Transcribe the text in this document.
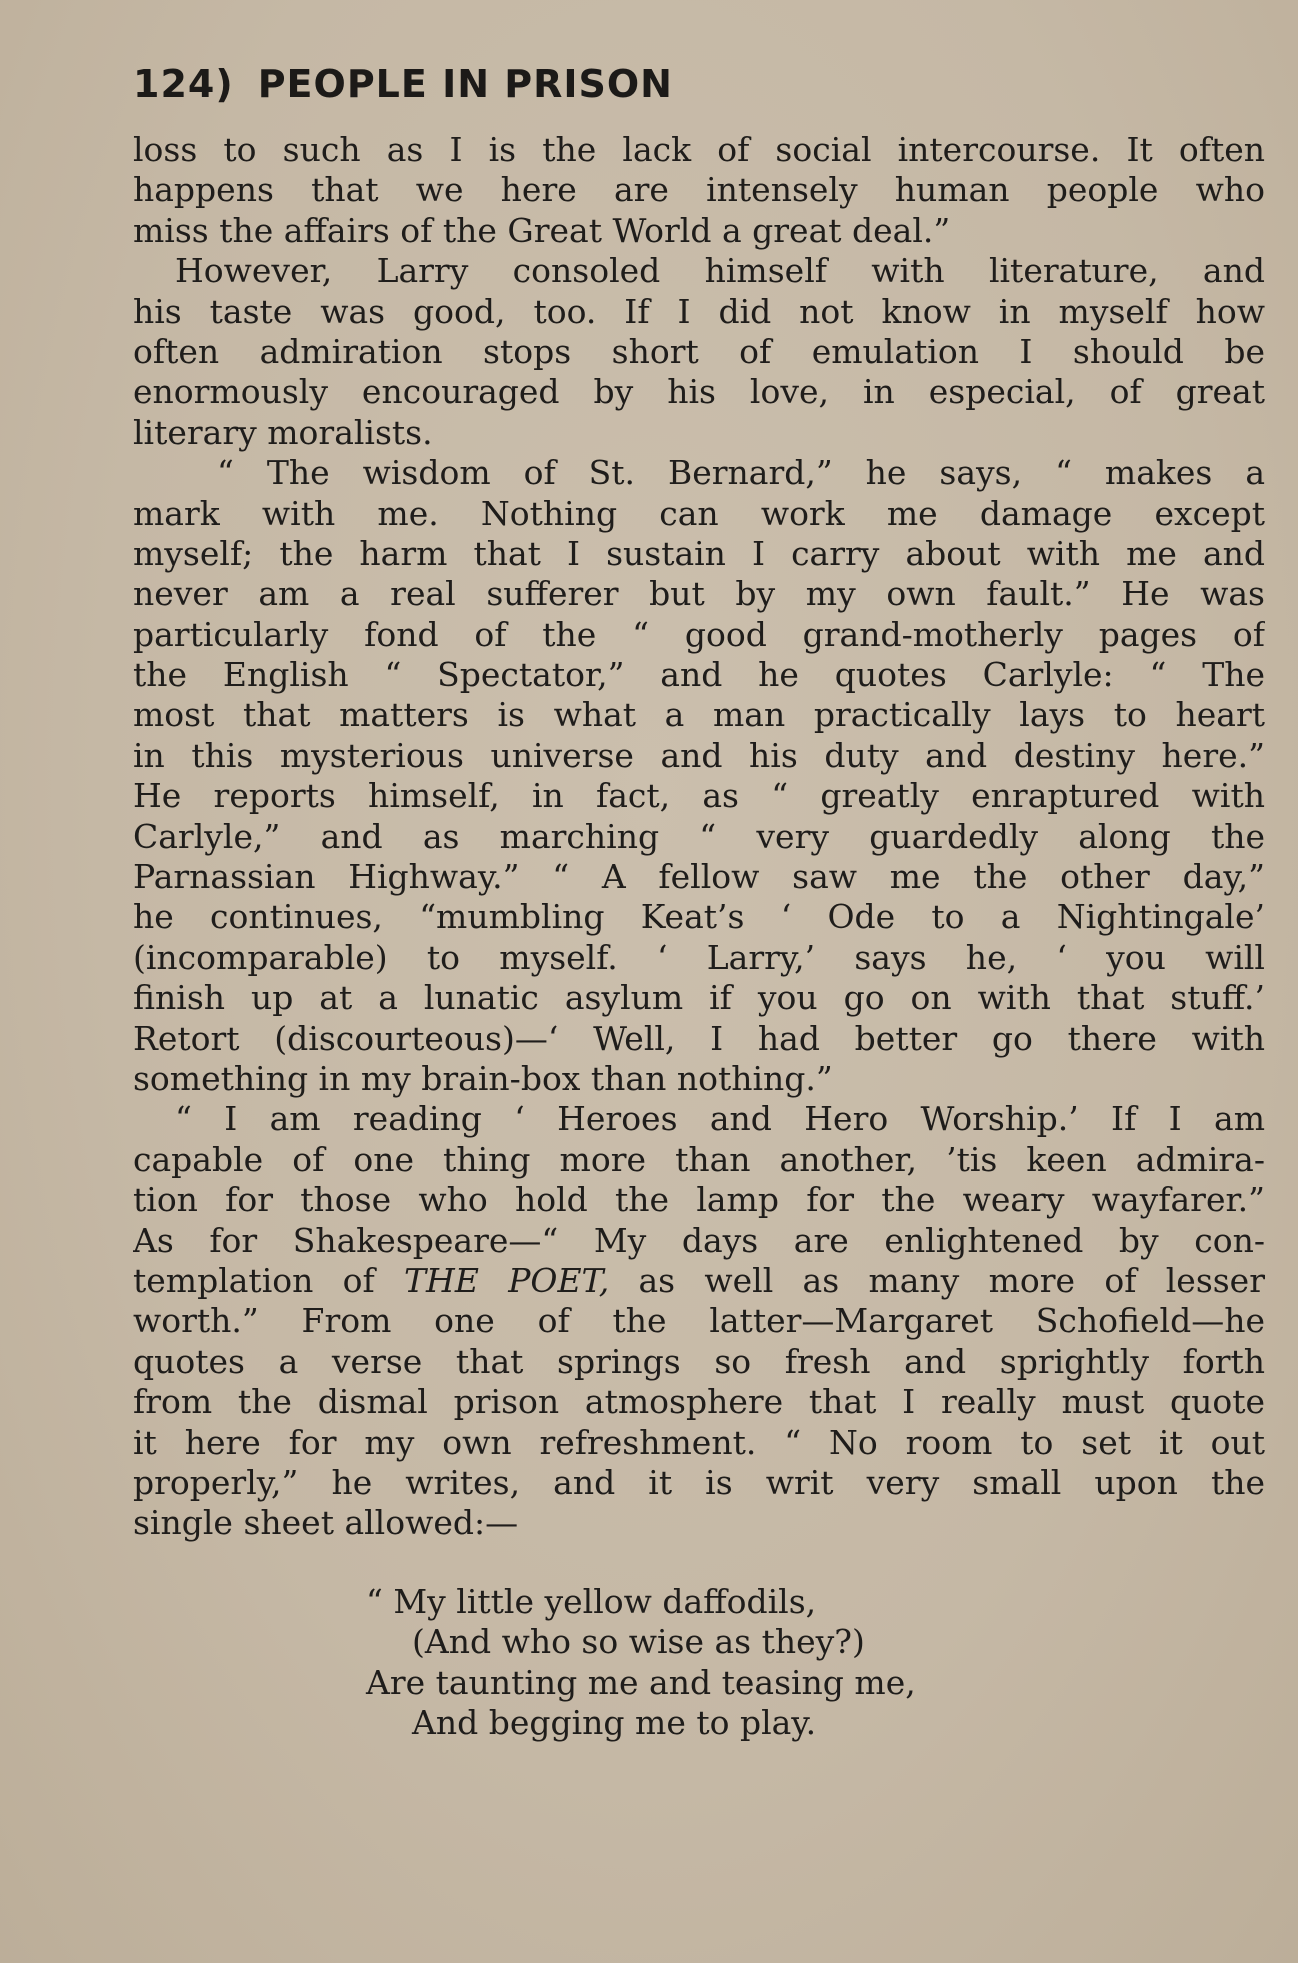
124) PEOPLE IN PRISON
loss to such as I is the lack of social intercourse. It often
happens that we here are intensely human people who
miss the affairs of the Great World a great deal.”
However, Larry consoled himself with literature, and
his taste was good, too. If I did not know in myself how
often admiration stops short of emulation I should be
enormously encouraged by his love, in especial, of great
literary moralists.
“ The wisdom of St. Bernard,” he says, “ makes a
mark with me. Nothing can work me damage except
myself; the harm that I sustain I carry about with me and
never am a real sufferer but by my own fault.” He was
particularly fond of the “ good grand-motherly pages of
the English “ Spectator,” and he quotes Carlyle: “ The
most that matters is what a man practically lays to heart
in this mysterious universe and his duty and destiny here.”
He reports himself, in fact, as “ greatly enraptured with
Carlyle,” and as marching “ very guardedly along the
Parnassian Highway.” “ A fellow saw me the other day,”
he continues, “mumbling Keat’s ‘ Ode to a Nightingale’
(incomparable) to myself. ‘ Larry,’ says he, ‘ you will
finish up at a lunatic asylum if you go on with that stuff.’
Retort (discourteous)—‘ Well, I had better go there with
something in my brain-box than nothing.”
“ I am reading ‘ Heroes and Hero Worship.’ If I am
capable of one thing more than another, ’tis keen admira-
tion for those who hold the lamp for the weary wayfarer.”
As for Shakespeare—“ My days are enlightened by con-
templation of THE POET, as well as many more of lesser
worth.” From one of the latter—Margaret Schofield—he
quotes a verse that springs so fresh and sprightly forth
from the dismal prison atmosphere that I really must quote
it here for my own refreshment. “ No room to set it out
properly,” he writes, and it is writ very small upon the
single sheet allowed:—
“ My little yellow daffodils,
(And who so wise as they?)
Are taunting me and teasing me,
And begging me to play.
